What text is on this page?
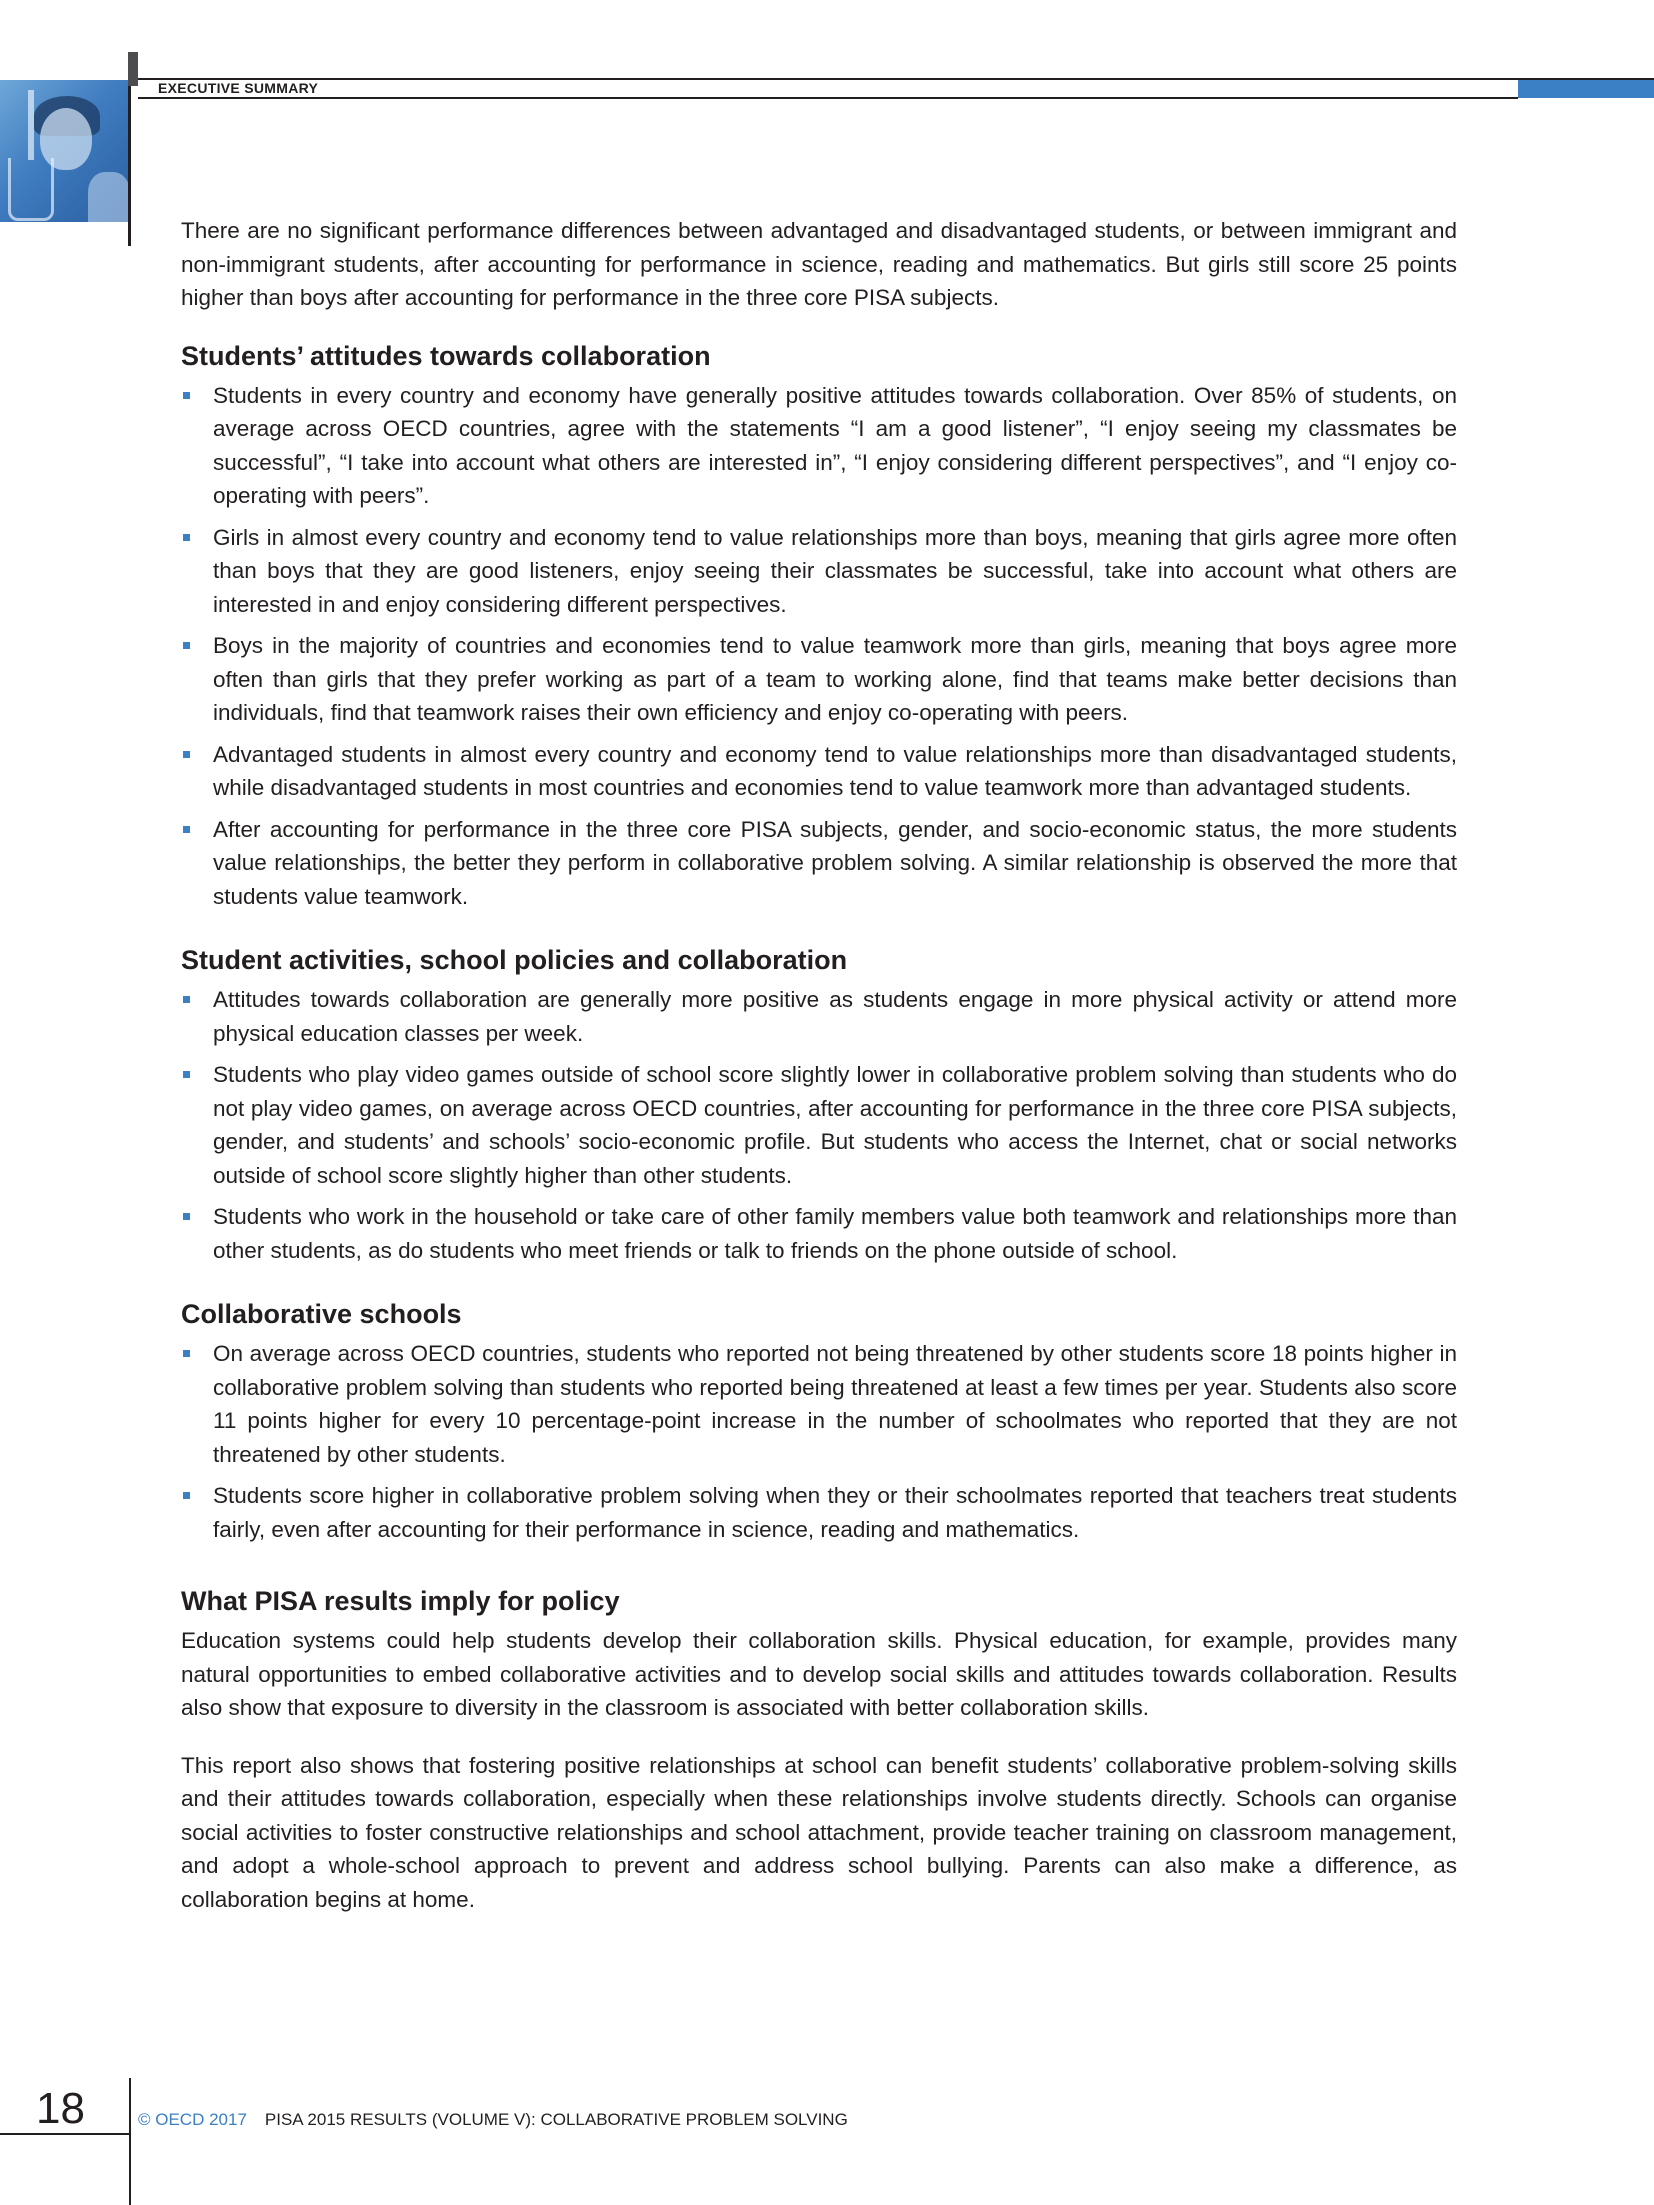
EXECUTIVE SUMMARY

There are no significant performance differences between advantaged and disadvantaged students, or between immigrant and non-immigrant students, after accounting for performance in science, reading and mathematics. But girls still score 25 points higher than boys after accounting for performance in the three core PISA subjects.

Students’ attitudes towards collaboration
Students in every country and economy have generally positive attitudes towards collaboration. Over 85% of students, on average across OECD countries, agree with the statements “I am a good listener”, “I enjoy seeing my classmates be successful”, “I take into account what others are interested in”, “I enjoy considering different perspectives”, and “I enjoy co-operating with peers”.
Girls in almost every country and economy tend to value relationships more than boys, meaning that girls agree more often than boys that they are good listeners, enjoy seeing their classmates be successful, take into account what others are interested in and enjoy considering different perspectives.
Boys in the majority of countries and economies tend to value teamwork more than girls, meaning that boys agree more often than girls that they prefer working as part of a team to working alone, find that teams make better decisions than individuals, find that teamwork raises their own efficiency and enjoy co-operating with peers.
Advantaged students in almost every country and economy tend to value relationships more than disadvantaged students, while disadvantaged students in most countries and economies tend to value teamwork more than advantaged students.
After accounting for performance in the three core PISA subjects, gender, and socio-economic status, the more students value relationships, the better they perform in collaborative problem solving. A similar relationship is observed the more that students value teamwork.
Student activities, school policies and collaboration
Attitudes towards collaboration are generally more positive as students engage in more physical activity or attend more physical education classes per week.
Students who play video games outside of school score slightly lower in collaborative problem solving than students who do not play video games, on average across OECD countries, after accounting for performance in the three core PISA subjects, gender, and students’ and schools’ socio-economic profile. But students who access the Internet, chat or social networks outside of school score slightly higher than other students.
Students who work in the household or take care of other family members value both teamwork and relationships more than other students, as do students who meet friends or talk to friends on the phone outside of school.
Collaborative schools
On average across OECD countries, students who reported not being threatened by other students score 18 points higher in collaborative problem solving than students who reported being threatened at least a few times per year. Students also score 11 points higher for every 10 percentage-point increase in the number of schoolmates who reported that they are not threatened by other students.
Students score higher in collaborative problem solving when they or their schoolmates reported that teachers treat students fairly, even after accounting for their performance in science, reading and mathematics.
What PISA results imply for policy

Education systems could help students develop their collaboration skills. Physical education, for example, provides many natural opportunities to embed collaborative activities and to develop social skills and attitudes towards collaboration. Results also show that exposure to diversity in the classroom is associated with better collaboration skills.

This report also shows that fostering positive relationships at school can benefit students’ collaborative problem-solving skills and their attitudes towards collaboration, especially when these relationships involve students directly. Schools can organise social activities to foster constructive relationships and school attachment, provide teacher training on classroom management, and adopt a whole-school approach to prevent and address school bullying. Parents can also make a difference, as collaboration begins at home.

18	© OECD 2017 PISA 2015 RESULTS (VOLUME V): COLLABORATIVE PROBLEM SOLVING
